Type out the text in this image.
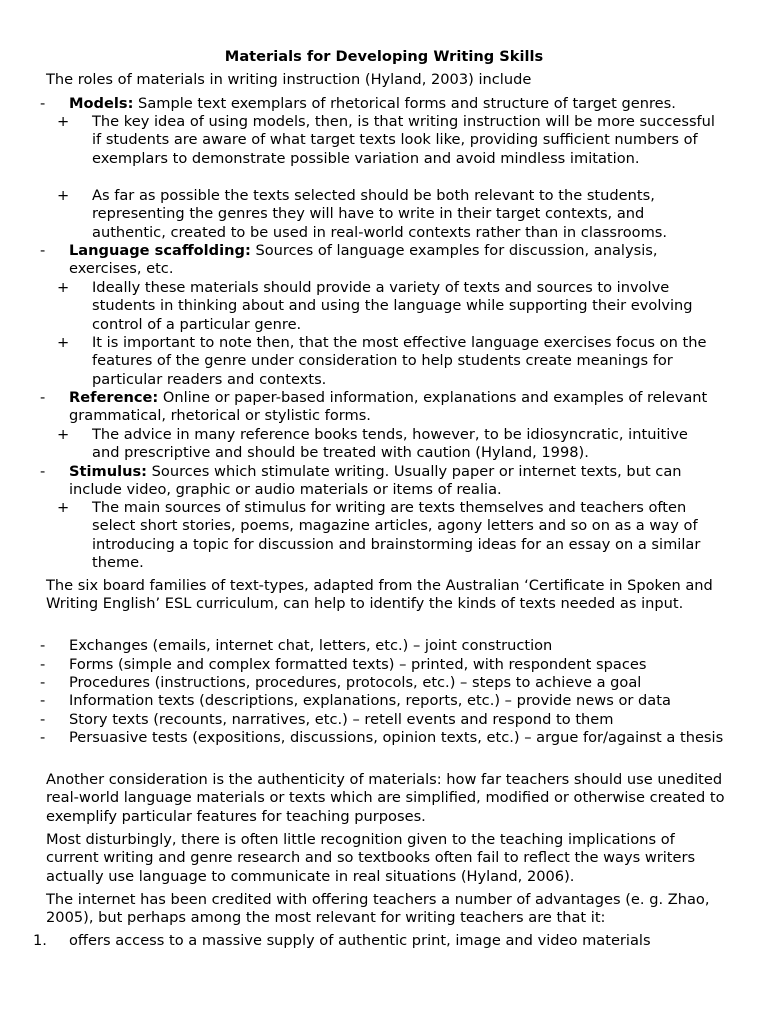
Materials for Developing Writing Skills

The roles of materials in writing instruction (Hyland, 2003) include

- Models: Sample text exemplars of rhetorical forms and structure of target genres.

+ The key idea of using models, then, is that writing instruction will be more successful if students are aware of what target texts look like, providing sufficient numbers of exemplars to demonstrate possible variation and avoid mindless imitation.

+ As far as possible the texts selected should be both relevant to the students, representing the genres they will have to write in their target contexts, and authentic, created to be used in real-world contexts rather than in classrooms.

- Language scaffolding: Sources of language examples for discussion, analysis, exercises, etc.

+ Ideally these materials should provide a variety of texts and sources to involve students in thinking about and using the language while supporting their evolving control of a particular genre.

+ It is important to note then, that the most effective language exercises focus on the features of the genre under consideration to help students create meanings for particular readers and contexts.

- Reference: Online or paper-based information, explanations and examples of relevant grammatical, rhetorical or stylistic forms.

+ The advice in many reference books tends, however, to be idiosyncratic, intuitive and prescriptive and should be treated with caution (Hyland, 1998).

- Stimulus: Sources which stimulate writing. Usually paper or internet texts, but can include video, graphic or audio materials or items of realia.

+ The main sources of stimulus for writing are texts themselves and teachers often select short stories, poems, magazine articles, agony letters and so on as a way of introducing a topic for discussion and brainstorming ideas for an essay on a similar theme.

The six board families of text-types, adapted from the Australian ‘Certificate in Spoken and Writing English’ ESL curriculum, can help to identify the kinds of texts needed as input.

- Exchanges (emails, internet chat, letters, etc.) – joint construction

- Forms (simple and complex formatted texts) – printed, with respondent spaces

- Procedures (instructions, procedures, protocols, etc.) – steps to achieve a goal

- Information texts (descriptions, explanations, reports, etc.) – provide news or data

- Story texts (recounts, narratives, etc.) – retell events and respond to them

- Persuasive tests (expositions, discussions, opinion texts, etc.) – argue for/against a thesis

Another consideration is the authenticity of materials: how far teachers should use unedited real-world language materials or texts which are simplified, modified or otherwise created to exemplify particular features for teaching purposes.

Most disturbingly, there is often little recognition given to the teaching implications of current writing and genre research and so textbooks often fail to reflect the ways writers actually use language to communicate in real situations (Hyland, 2006).

The internet has been credited with offering teachers a number of advantages (e. g. Zhao, 2005), but perhaps among the most relevant for writing teachers are that it:

1. offers access to a massive supply of authentic print, image and video materials
